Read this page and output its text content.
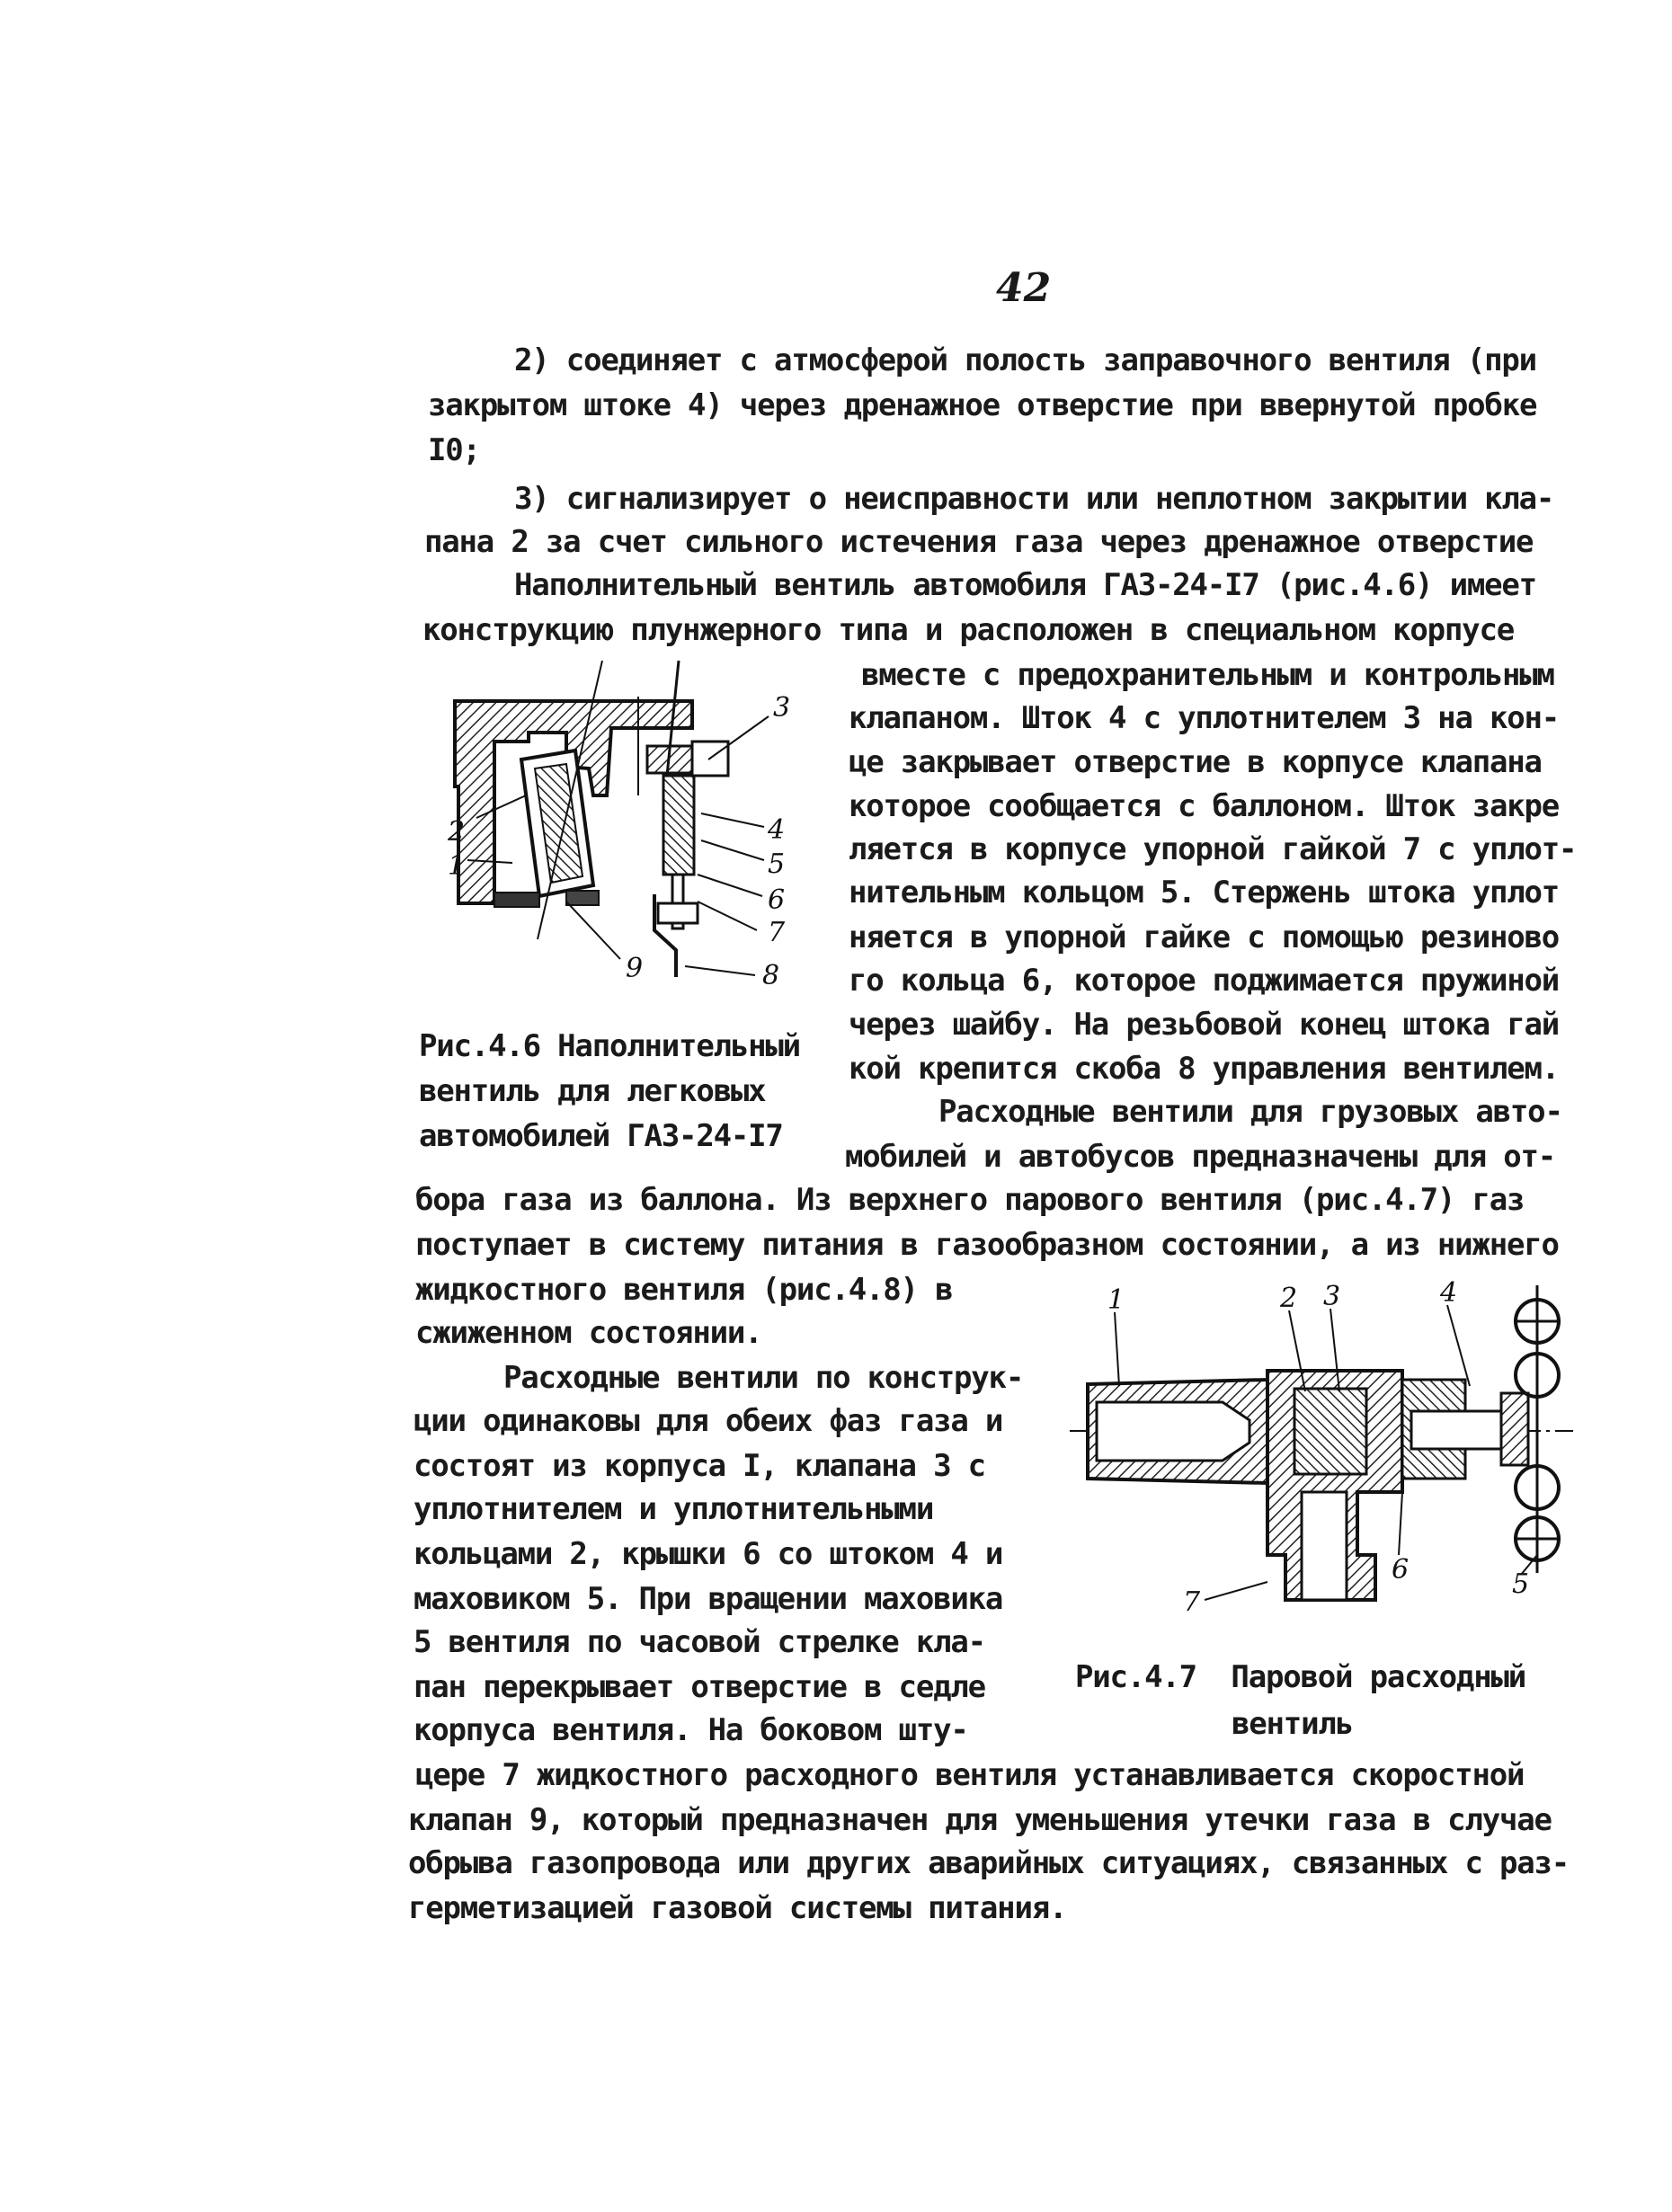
42
2) соединяет с атмосферой полость заправочного вентиля (при
закрытом штоке 4) через дренажное отверстие при ввернутой пробке
I0;
3) сигнализирует о неисправности или неплотном закрытии кла-
пана 2 за счет сильного истечения газа через дренажное отверстие
Наполнительный вентиль автомобиля ГАЗ-24-I7 (рис.4.6) имеет
конструкцию плунжерного типа и расположен в специальном корпусе
вместе с предохранительным и контрольным
клапаном. Шток 4 с уплотнителем 3 на кон-
це закрывает отверстие в корпусе клапана
которое сообщается с баллоном. Шток закре
ляется в корпусе упорной гайкой 7 с уплот-
нительным кольцом 5. Стержень штока уплот
няется в упорной гайке с помощью резиново
го кольца 6, которое поджимается пружиной
через шайбу. На резьбовой конец штока гай
кой крепится скоба 8 управления вентилем.
Расходные вентили для грузовых авто-
мобилей и автобусов предназначены для от-
бора газа из баллона. Из верхнего парового вентиля (рис.4.7) газ
поступает в систему питания в газообразном состоянии, а из нижнего
жидкостного вентиля (рис.4.8) в
сжиженном состоянии.
Расходные вентили по конструк-
ции одинаковы для обеих фаз газа и
состоят из корпуса I, клапана 3 с
уплотнителем и уплотнительными
кольцами 2, крышки 6 со штоком 4 и
маховиком 5. При вращении маховика
5 вентиля по часовой стрелке кла-
пан перекрывает отверстие в седле
корпуса вентиля. На боковом шту-
цере 7 жидкостного расходного вентиля устанавливается скоростной
клапан 9, который предназначен для уменьшения утечки газа в случае
обрыва газопровода или других аварийных ситуациях, связанных с раз-
герметизацией газовой системы питания.
3
2	4
5
1
6
7
9	8
Рис.4.6 Наполнительный
вентиль для легковых
автомобилей ГАЗ-24-I7
1	2 3	4
6	5
7
Рис.4.7  Паровой расходный
вентиль
